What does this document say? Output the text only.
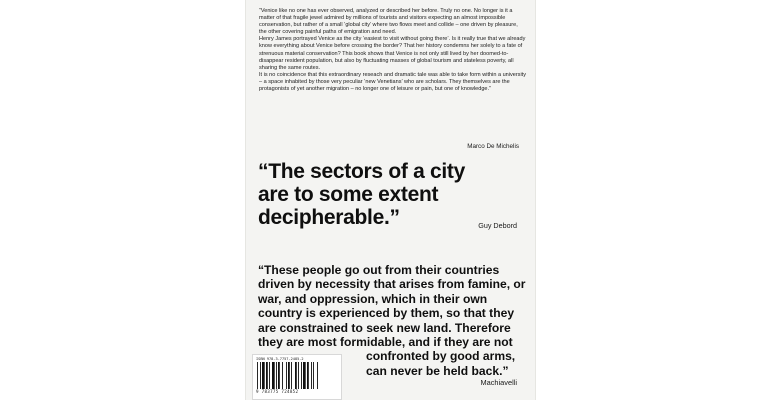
“Venice like no one has ever observed, analyzed or described her before. Truly no one. No longer is it a matter of that fragile jewel admired by millions of tourists and visitors expecting an almost impossible conservation, but rather of a small ‘global city’ where two flows meet and collide – one driven by pleasure, the other covering painful paths of emigration and need.

Henry James portrayed Venice as the city ‘easiest to visit without going there’. Is it really true that we already know everything about Venice before crossing the border? That her history condemns her solely to a fate of strenuous material conservation? This book shows that Venice is not only still lived by her doomed-to-disappear resident population, but also by fluctuating masses of global tourism and stateless poverty, all sharing the same routes.

It is no coincidence that this extraordinary reseach and dramatic tale was able to take form within a university – a space inhabited by those very peculiar ‘new Venetians’ who are scholars. They themselves are the protagonists of yet another migration – no longer one of leisure or pain, but one of knowledge.”

Marco De Michelis

“The sectors of a city are to some extent decipherable.”	Guy Debord

“These people go out from their countries driven by necessity that arises from famine, or war, and oppression, which in their own country is experienced by them, so that they are constrained to seek new land. Therefore they are most formidable, and if they are not
confronted by good arms, can never be held back.”

Machiavelli
ISBN 978-3-7757-2485-2
9 783775 724852
